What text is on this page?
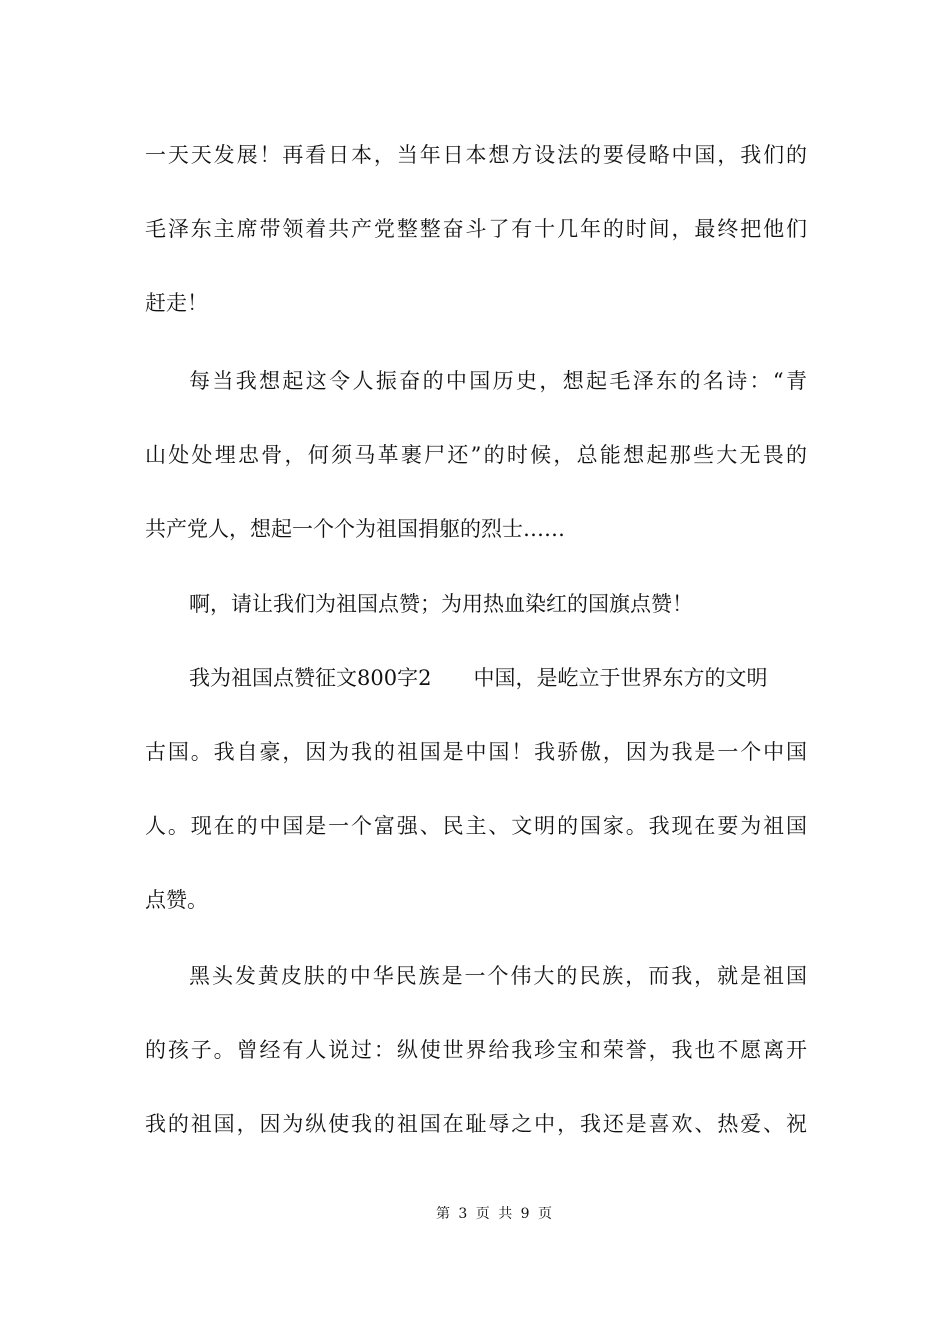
一天天发展！再看日本，当年日本想方设法的要侵略中国，我们的
毛泽东主席带领着共产党整整奋斗了有十几年的时间，最终把他们
赶走！
每当我想起这令人振奋的中国历史，想起毛泽东的名诗：“青
山处处埋忠骨，何须马革裹尸还”的时候，总能想起那些大无畏的
共产党人，想起一个个为祖国捐躯的烈士……
啊，请让我们为祖国点赞；为用热血染红的国旗点赞！
我为祖国点赞征文800字2 中国，是屹立于世界东方的文明
古国。我自豪，因为我的祖国是中国！我骄傲，因为我是一个中国
人。现在的中国是一个富强、民主、文明的国家。我现在要为祖国
点赞。
黑头发黄皮肤的中华民族是一个伟大的民族，而我，就是祖国
的孩子。曾经有人说过：纵使世界给我珍宝和荣誉，我也不愿离开
我的祖国，因为纵使我的祖国在耻辱之中，我还是喜欢、热爱、祝
第 3 页 共 9 页
